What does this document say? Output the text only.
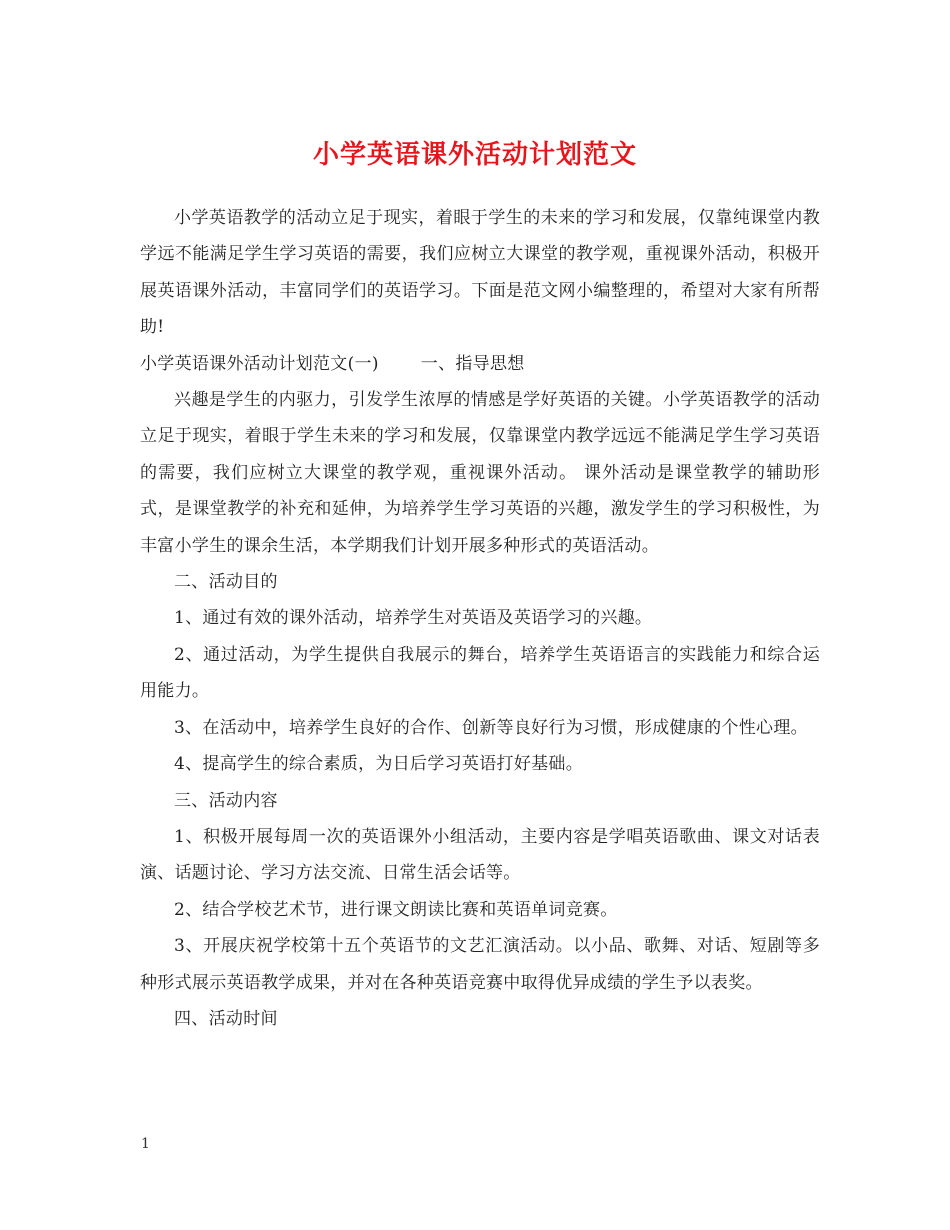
小学英语课外活动计划范文

小学英语教学的活动立足于现实，着眼于学生的未来的学习和发展，仅靠纯课堂内教学远不能满足学生学习英语的需要，我们应树立大课堂的教学观，重视课外活动，积极开展英语课外活动，丰富同学们的英语学习。下面是范文网小编整理的，希望对大家有所帮助!

小学英语课外活动计划范文(一) 一、指导思想

兴趣是学生的内驱力，引发学生浓厚的情感是学好英语的关键。小学英语教学的活动立足于现实，着眼于学生未来的学习和发展，仅靠课堂内教学远远不能满足学生学习英语的需要，我们应树立大课堂的教学观，重视课外活动。 课外活动是课堂教学的辅助形式，是课堂教学的补充和延伸，为培养学生学习英语的兴趣，激发学生的学习积极性，为丰富小学生的课余生活，本学期我们计划开展多种形式的英语活动。

二、活动目的

1、通过有效的课外活动，培养学生对英语及英语学习的兴趣。

2、通过活动，为学生提供自我展示的舞台，培养学生英语语言的实践能力和综合运用能力。

3、在活动中，培养学生良好的合作、创新等良好行为习惯，形成健康的个性心理。

4、提高学生的综合素质，为日后学习英语打好基础。

三、活动内容

1、积极开展每周一次的英语课外小组活动，主要内容是学唱英语歌曲、课文对话表演、话题讨论、学习方法交流、日常生活会话等。

2、结合学校艺术节，进行课文朗读比赛和英语单词竞赛。

3、开展庆祝学校第十五个英语节的文艺汇演活动。以小品、歌舞、对话、短剧等多种形式展示英语教学成果，并对在各种英语竞赛中取得优异成绩的学生予以表奖。

四、活动时间

1
